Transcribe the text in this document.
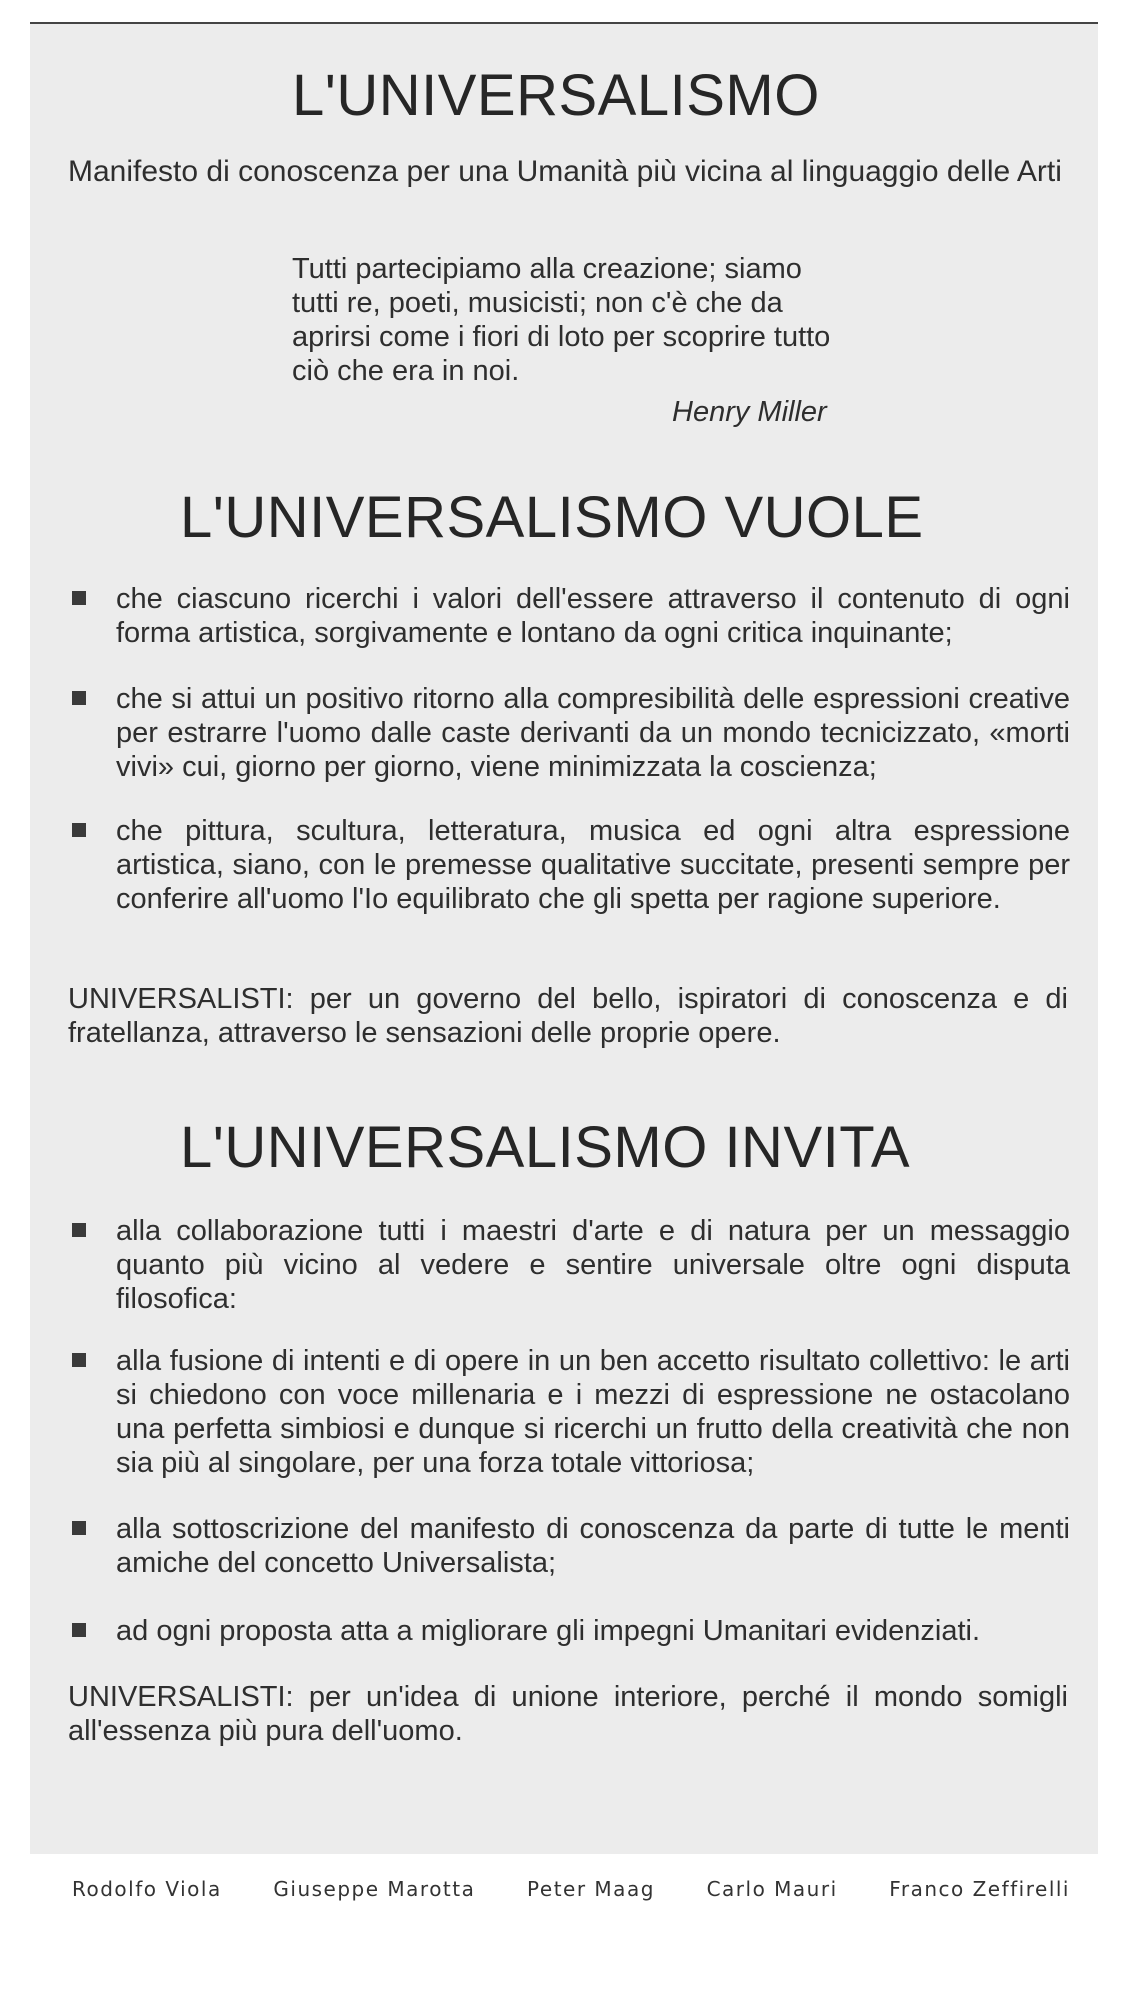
L'UNIVERSALISMO

Manifesto di conoscenza per una Umanità più vicina al linguaggio delle Arti

Tutti partecipiamo alla creazione; siamo tutti re, poeti, musicisti; non c'è che da aprirsi come i fiori di loto per scoprire tutto ciò che era in noi.

Henry Miller

L'UNIVERSALISMO VUOLE
che ciascuno ricerchi i valori dell'essere attraverso il contenuto di ogni forma artistica, sorgivamente e lontano da ogni critica inquinante;
che si attui un positivo ritorno alla compresibilità delle espressioni creative per estrarre l'uomo dalle caste derivanti da un mondo tecnicizzato, «morti vivi» cui, giorno per giorno, viene minimizzata la coscienza;
che pittura, scultura, letteratura, musica ed ogni altra espressione artistica, siano, con le premesse qualitative succitate, presenti sempre per conferire all'uomo l'Io equilibrato che gli spetta per ragione superiore.

UNIVERSALISTI: per un governo del bello, ispiratori di conoscenza e di fratellanza, attraverso le sensazioni delle proprie opere.

L'UNIVERSALISMO INVITA
alla collaborazione tutti i maestri d'arte e di natura per un messaggio quanto più vicino al vedere e sentire universale oltre ogni disputa filosofica:
alla fusione di intenti e di opere in un ben accetto risultato collettivo: le arti si chiedono con voce millenaria e i mezzi di espressione ne ostacolano una perfetta simbiosi e dunque si ricerchi un frutto della creatività che non sia più al singolare, per una forza totale vittoriosa;
alla sottoscrizione del manifesto di conoscenza da parte di tutte le menti amiche del concetto Universalista;
ad ogni proposta atta a migliorare gli impegni Umanitari evidenziati.

UNIVERSALISTI: per un'idea di unione interiore, perché il mondo somigli all'essenza più pura dell'uomo.

Rodolfo Viola	Giuseppe Marotta	Peter Maag	Carlo Mauri	Franco Zeffirelli
